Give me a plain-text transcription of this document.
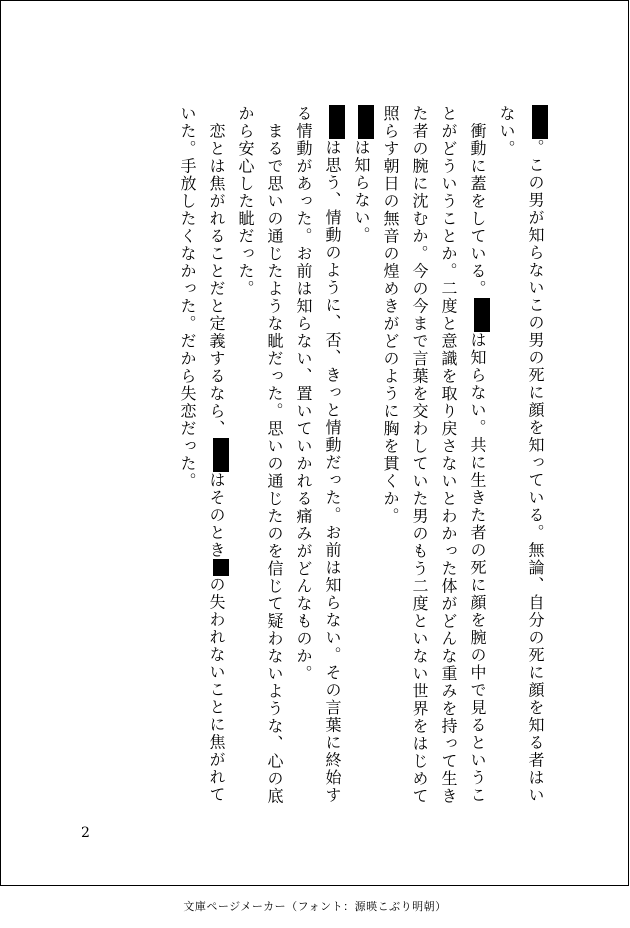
。この男が知らないこの男の死に顔を知っている。無論、自分の死に顔を知る者はいない。
　衝動に蓋をしている。は知らない。共に生きた者の死に顔を腕の中で見るということがどういうことか。二度と意識を取り戻さないとわかった体がどんな重みを持って生きた者の腕に沈むか。今の今まで言葉を交わしていた男のもう二度といない世界をはじめて照らす朝日の無音の煌めきがどのように胸を貫くか。
は知らない。
は思う、情動のように、否、きっと情動だった。お前は知らない。その言葉に終始する情動があった。お前は知らない、置いていかれる痛みがどんなものか。
　まるで思いの通じたような眦だった。思いの通じたのを信じて疑わないような、心の底から安心した眦だった。
　恋とは焦がれることだと定義するなら、はそのときの失われないことに焦がれていた。手放したくなかった。だから失恋だった。
2
文庫ページメーカー（フォント：源暎こぶり明朝）
